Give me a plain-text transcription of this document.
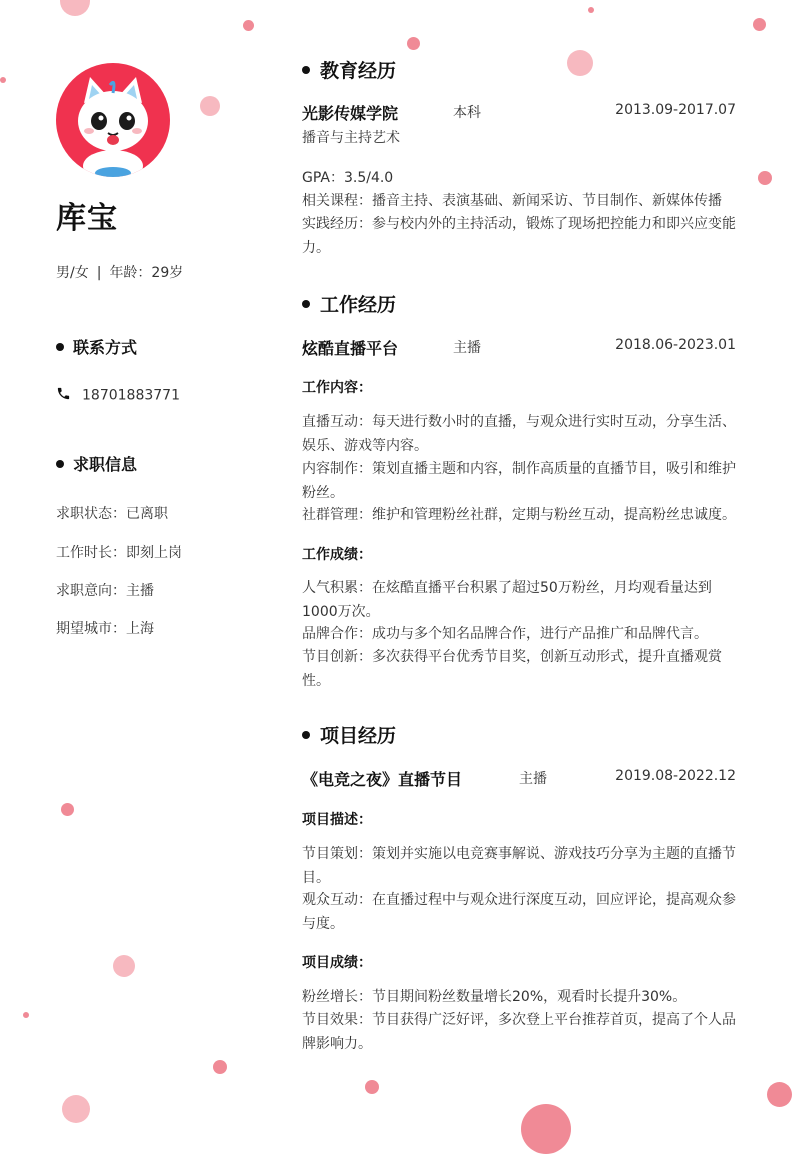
库宝
男/女 | 年龄：29岁
联系方式
18701883771
求职信息
求职状态：已离职
工作时长：即刻上岗
求职意向：主播
期望城市：上海
教育经历
光影传媒学院	本科	2013.09-2017.07
播音与主持艺术
GPA：3.5/4.0
相关课程：播音主持、表演基础、新闻采访、节目制作、新媒体传播
实践经历：参与校内外的主持活动，锻炼了现场把控能力和即兴应变能力。
工作经历
炫酷直播平台	主播	2018.06-2023.01
工作内容：
直播互动：每天进行数小时的直播，与观众进行实时互动，分享生活、娱乐、游戏等内容。
内容制作：策划直播主题和内容，制作高质量的直播节目，吸引和维护粉丝。
社群管理：维护和管理粉丝社群，定期与粉丝互动，提高粉丝忠诚度。
工作成绩：
人气积累：在炫酷直播平台积累了超过50万粉丝，月均观看量达到1000万次。
品牌合作：成功与多个知名品牌合作，进行产品推广和品牌代言。
节目创新：多次获得平台优秀节目奖，创新互动形式，提升直播观赏性。
项目经历
《电竞之夜》直播节目	主播	2019.08-2022.12
项目描述：
节目策划：策划并实施以电竞赛事解说、游戏技巧分享为主题的直播节目。
观众互动：在直播过程中与观众进行深度互动，回应评论，提高观众参与度。
项目成绩：
粉丝增长：节目期间粉丝数量增长20%，观看时长提升30%。
节目效果：节目获得广泛好评，多次登上平台推荐首页，提高了个人品牌影响力。
